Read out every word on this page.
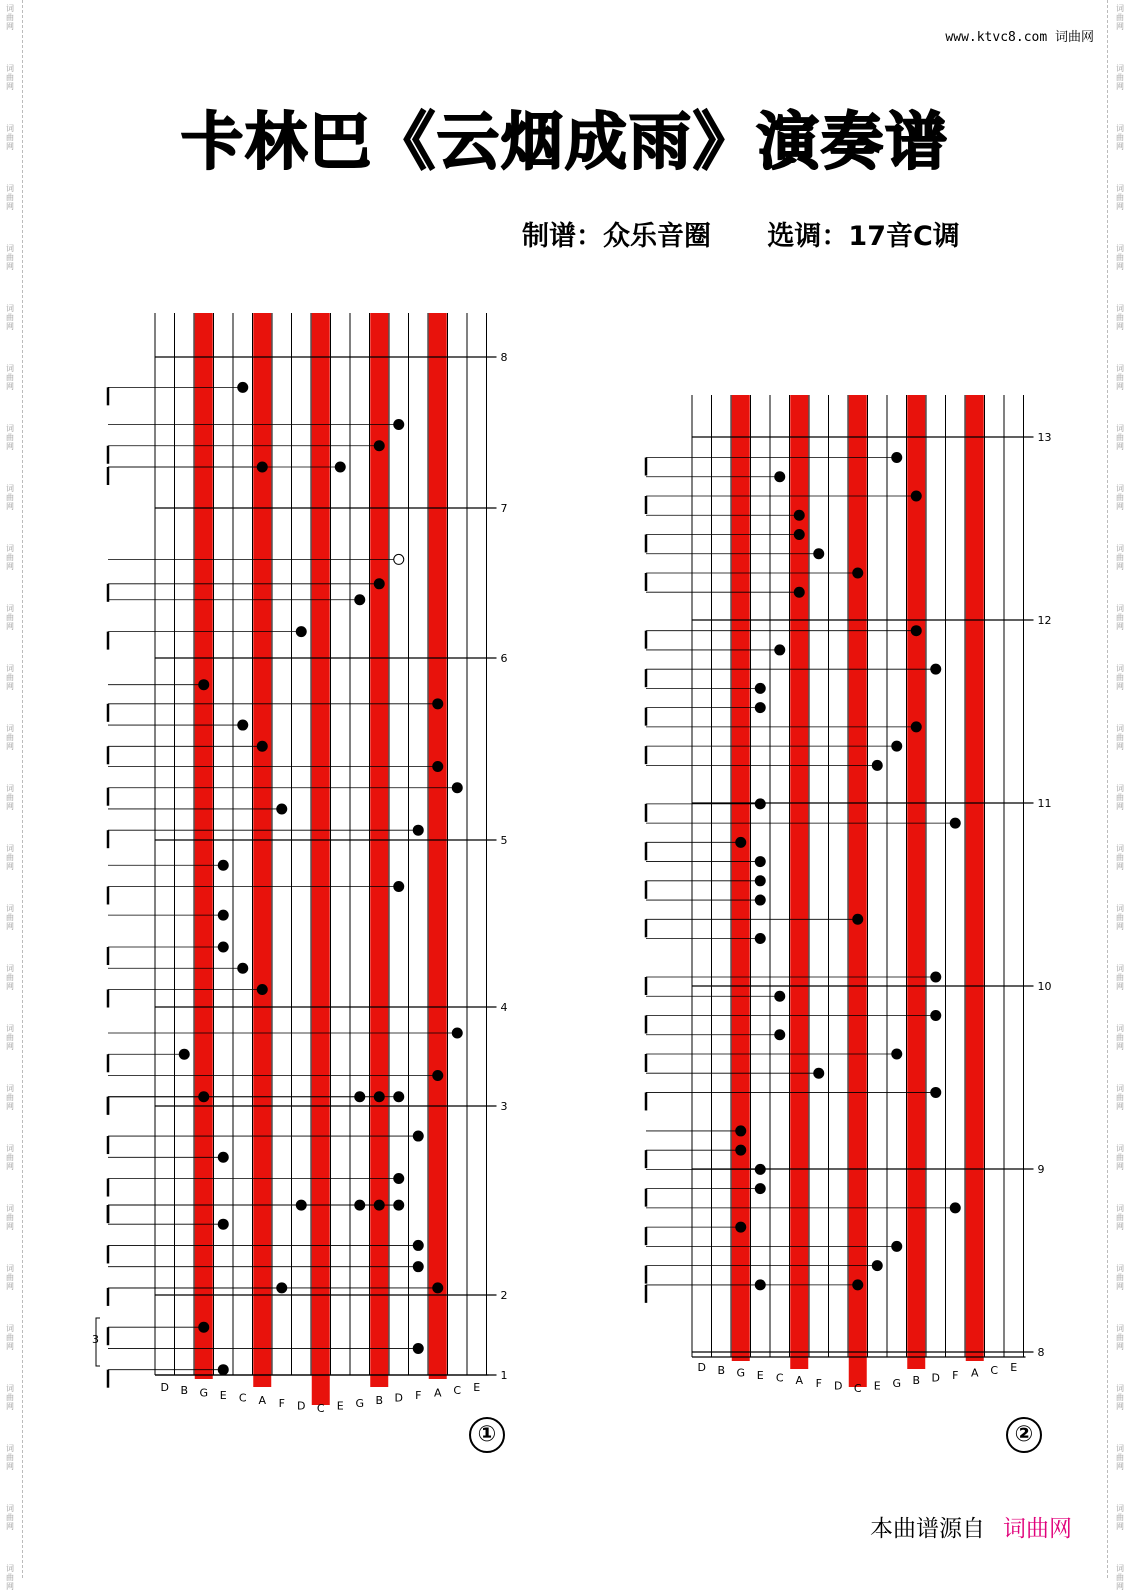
词
曲
网
词
曲
网
词
曲
网
词
曲
网
词
曲
网
词
曲
网
词
曲
网
词
曲
网
词
曲
网
词
曲
网
词
曲
网
词
曲
网
词
曲
网
词
曲
网
词
曲
网
词
曲
网
词
曲
网
词
曲
网
词
曲
网
词
曲
网
词
曲
网
词
曲
网
词
曲
网
词
曲
网
词
曲
网
词
曲
网
词
曲
网
词
曲
网
词
曲
网
词
曲
网
词
曲
网
词
曲
网
词
曲
网
词
曲
网
词
曲
网
词
曲
网
词
曲
网
词
曲
网
词
曲
网
词
曲
网
词
曲
网
词
曲
网
词
曲
网
词
曲
网
词
曲
网
词
曲
网
词
曲
网
词
曲
网
词
曲
网
词
曲
网
词
曲
网
词
曲
网
词
曲
网
词
曲
网
www.ktvc8.com 词曲网
卡林巴《云烟成雨》演奏谱
制谱：众乐音圈 选调：17音C调
8
7
6
5
4
3
2
1
D B G E C A F D C E G B D F A C E
3
13
12
11
10
9
8
D B G E C A F D C E G B D F A C E
①	②
本曲谱源自 词曲网
